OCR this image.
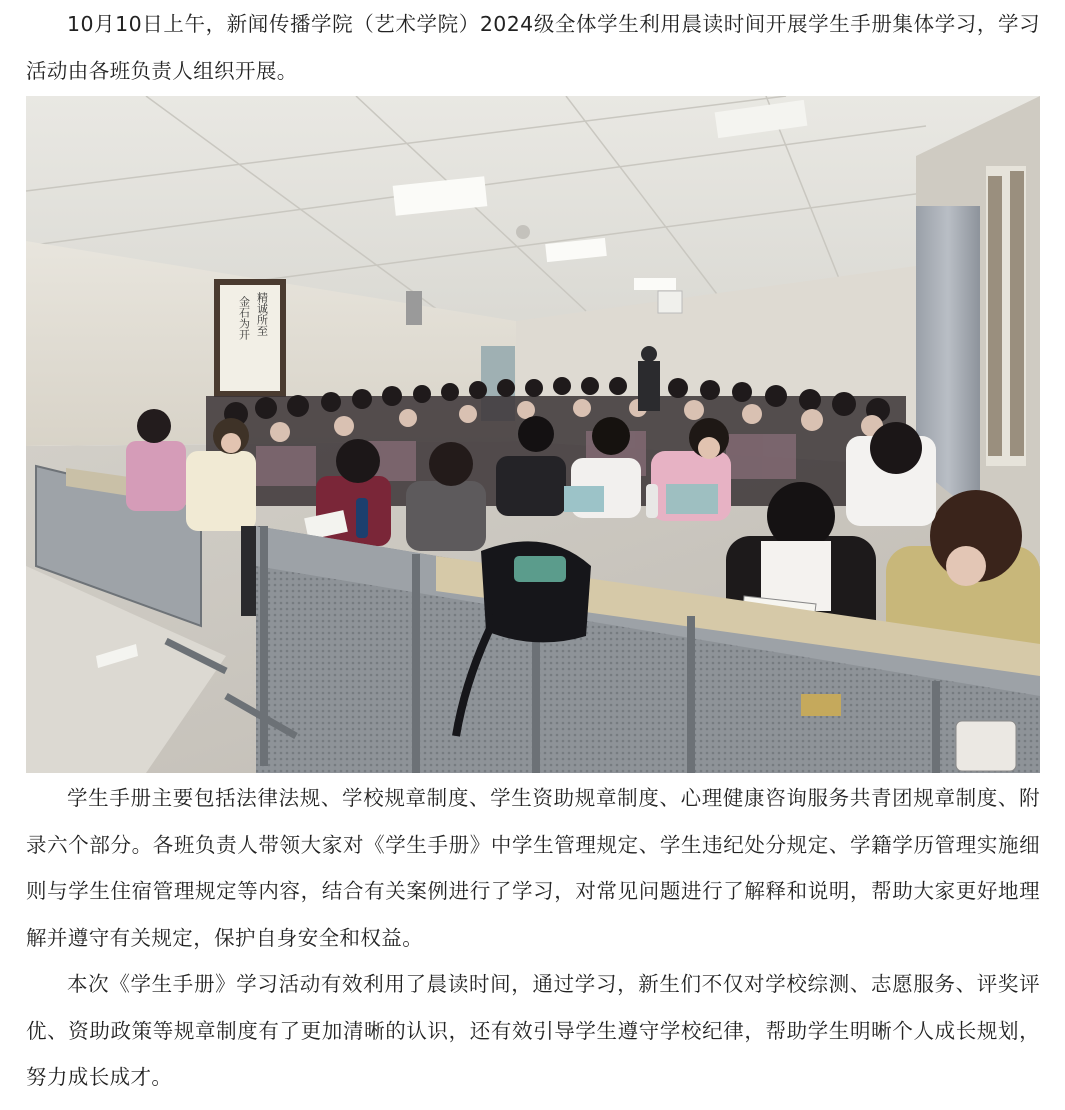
10月10日上午，新闻传播学院（艺术学院）2024级全体学生利用晨读时间开展学生手册集体学习，学习活动由各班负责人组织开展。

精诚所至
金石为开

学生手册主要包括法律法规、学校规章制度、学生资助规章制度、心理健康咨询服务共青团规章制度、附录六个部分。各班负责人带领大家对《学生手册》中学生管理规定、学生违纪处分规定、学籍学历管理实施细则与学生住宿管理规定等内容，结合有关案例进行了学习，对常见问题进行了解释和说明，帮助大家更好地理解并遵守有关规定，保护自身安全和权益。

本次《学生手册》学习活动有效利用了晨读时间，通过学习，新生们不仅对学校综测、志愿服务、评奖评优、资助政策等规章制度有了更加清晰的认识，还有效引导学生遵守学校纪律，帮助学生明晰个人成长规划，努力成长成才。
